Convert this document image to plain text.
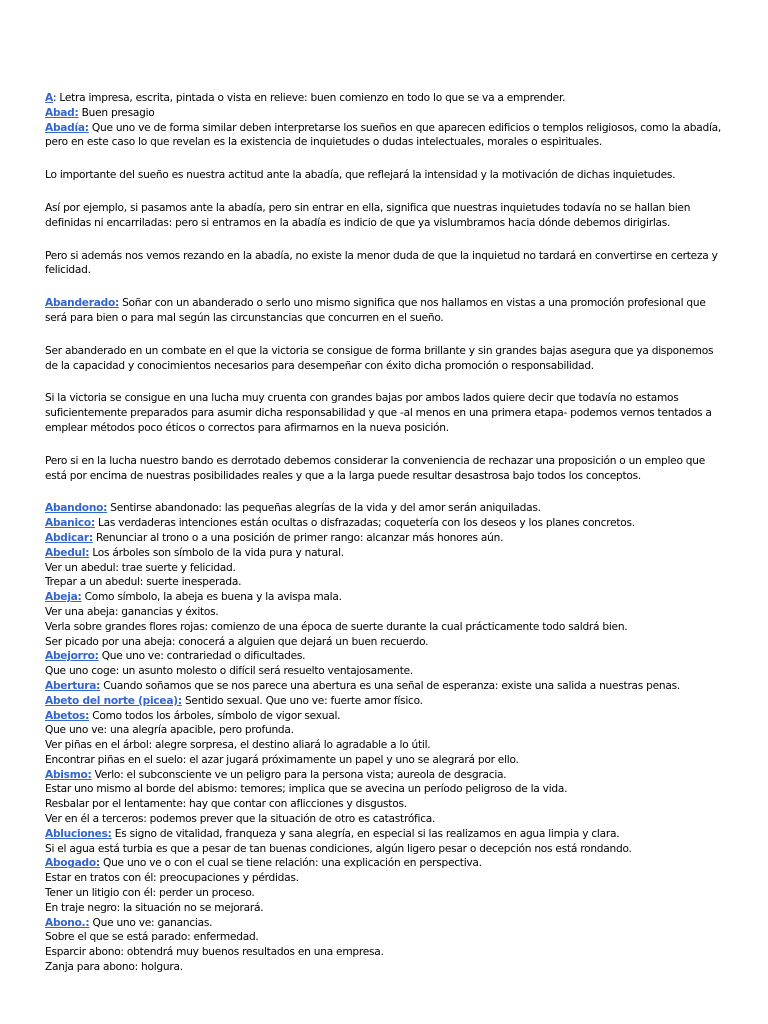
A: Letra impresa, escrita, pintada o vista en relieve: buen comienzo en todo lo que se va a emprender.
Abad: Buen presagio
Abadía: Que uno ve de forma similar deben interpretarse los sueños en que aparecen edificios o templos religiosos, como la abadía, pero en este caso lo que revelan es la existencia de inquietudes o dudas intelectuales, morales o espirituales.

Lo importante del sueño es nuestra actitud ante la abadía, que reflejará la intensidad y la motivación de dichas inquietudes.

Así por ejemplo, si pasamos ante la abadía, pero sin entrar en ella, significa que nuestras inquietudes todavía no se hallan bien definidas ni encarriladas: pero si entramos en la abadía es indicio de que ya vislumbramos hacia dónde debemos dirigirlas.

Pero si además nos vemos rezando en la abadía, no existe la menor duda de que la inquietud no tardará en convertirse en certeza y felicidad.

Abanderado: Soñar con un abanderado o serlo uno mismo significa que nos hallamos en vistas a una promoción profesional que será para bien o para mal según las circunstancias que concurren en el sueño.

Ser abanderado en un combate en el que la victoria se consigue de forma brillante y sin grandes bajas asegura que ya disponemos de la capacidad y conocimientos necesarios para desempeñar con éxito dicha promoción o responsabilidad.

Si la victoria se consigue en una lucha muy cruenta con grandes bajas por ambos lados quiere decir que todavía no estamos suficientemente preparados para asumir dicha responsabilidad y que -al menos en una primera etapa- podemos vernos tentados a emplear métodos poco éticos o correctos para afirmarnos en la nueva posición.

Pero si en la lucha nuestro bando es derrotado debemos considerar la conveniencia de rechazar una proposición o un empleo que está por encima de nuestras posibilidades reales y que a la larga puede resultar desastrosa bajo todos los conceptos.

Abandono: Sentirse abandonado: las pequeñas alegrías de la vida y del amor serán aniquiladas.
Abanico: Las verdaderas intenciones están ocultas o disfrazadas; coquetería con los deseos y los planes concretos.
Abdicar: Renunciar al trono o a una posición de primer rango: alcanzar más honores aún.
Abedul: Los árboles son símbolo de la vida pura y natural.
Ver un abedul: trae suerte y felicidad.
Trepar a un abedul: suerte inesperada.
Abeja: Como símbolo, la abeja es buena y la avispa mala.
Ver una abeja: ganancias y éxitos.
Verla sobre grandes flores rojas: comienzo de una época de suerte durante la cual prácticamente todo saldrá bien.
Ser picado por una abeja: conocerá a alguien que dejará un buen recuerdo.
Abejorro: Que uno ve: contrariedad o dificultades.
Que uno coge: un asunto molesto o difícil será resuelto ventajosamente.
Abertura: Cuando soñamos que se nos parece una abertura es una señal de esperanza: existe una salida a nuestras penas.
Abeto del norte (picea): Sentido sexual. Que uno ve: fuerte amor físico.
Abetos: Como todos los árboles, símbolo de vigor sexual.
Que uno ve: una alegría apacible, pero profunda.
Ver piñas en el árbol: alegre sorpresa, el destino aliará lo agradable a lo útil.
Encontrar piñas en el suelo: el azar jugará próximamente un papel y uno se alegrará por ello.
Abismo: Verlo: el subconsciente ve un peligro para la persona vista; aureola de desgracia.
Estar uno mismo al borde del abismo: temores; implica que se avecina un período peligroso de la vida.
Resbalar por el lentamente: hay que contar con aflicciones y disgustos.
Ver en él a terceros: podemos prever que la situación de otro es catastrófica.
Abluciones: Es signo de vitalidad, franqueza y sana alegría, en especial si las realizamos en agua limpia y clara.
Si el agua está turbia es que a pesar de tan buenas condiciones, algún ligero pesar o decepción nos está rondando.
Abogado: Que uno ve o con el cual se tiene relación: una explicación en perspectiva.
Estar en tratos con él: preocupaciones y pérdidas.
Tener un litigio con él: perder un proceso.
En traje negro: la situación no se mejorará.
Abono.: Que uno ve: ganancias.
Sobre el que se está parado: enfermedad.
Esparcir abono: obtendrá muy buenos resultados en una empresa.
Zanja para abono: holgura.
